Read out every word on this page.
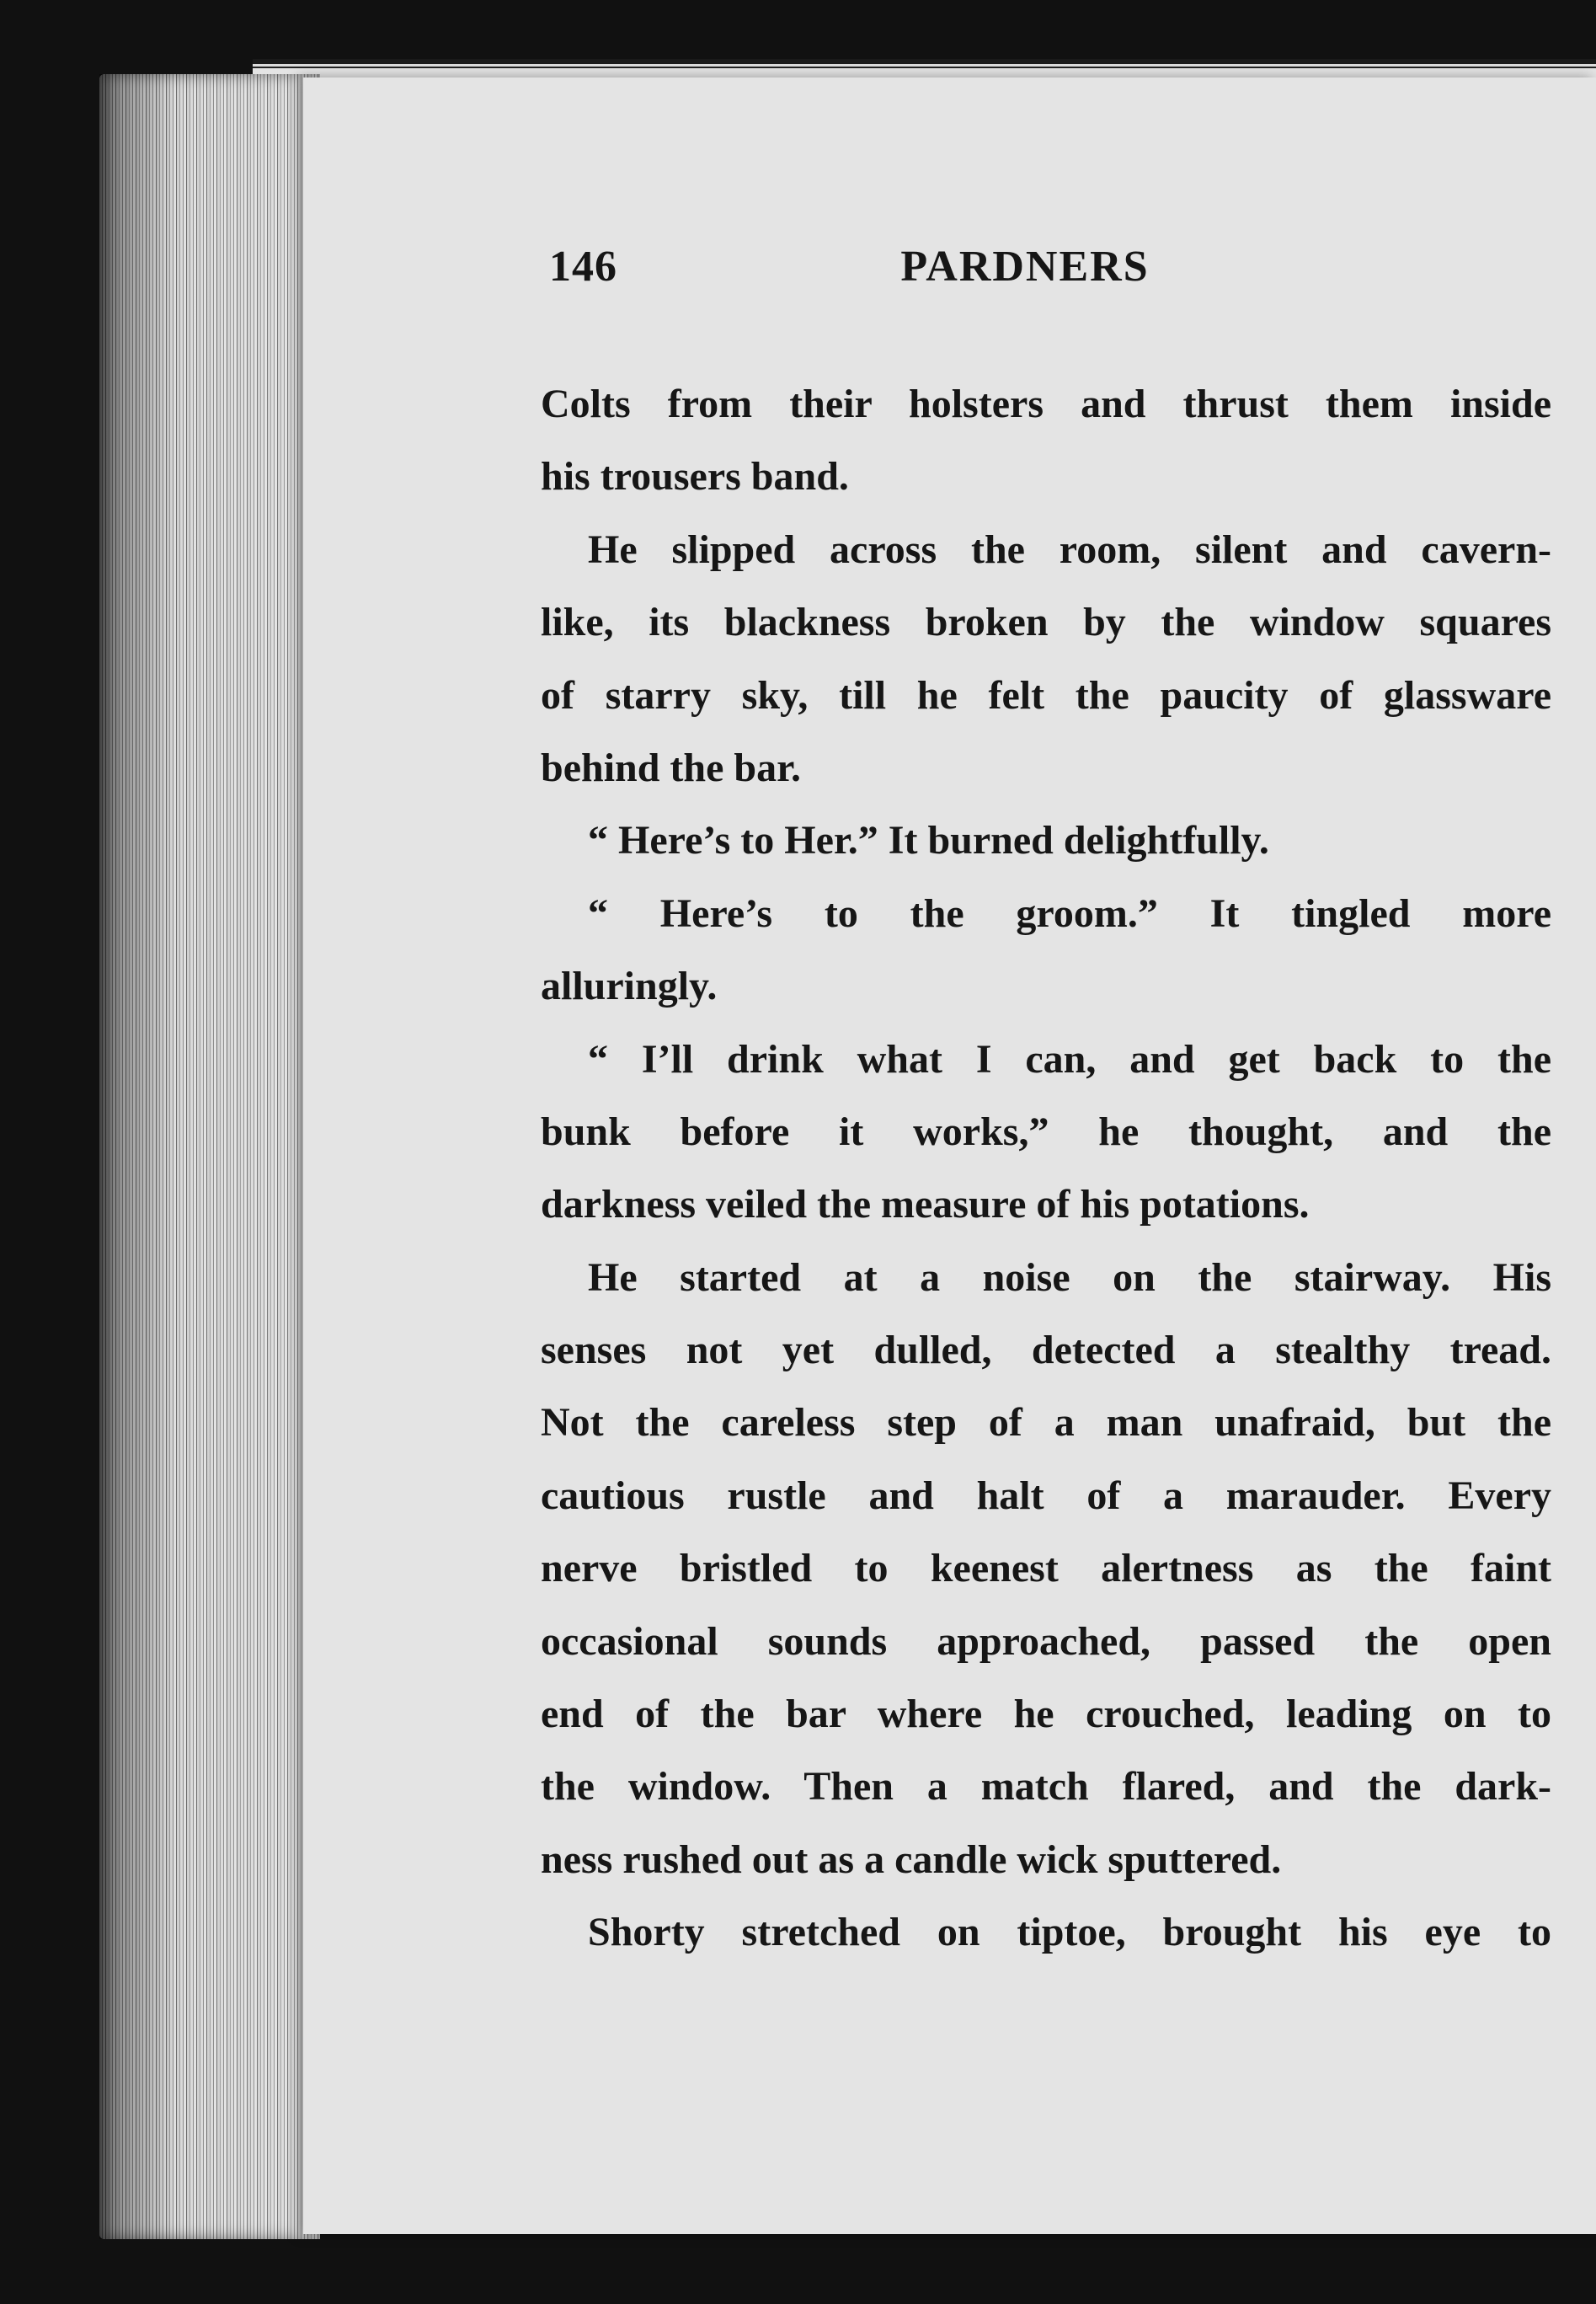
146	PARDNERS
Colts from their holsters and thrust them inside
his trousers band.
He slipped across the room, silent and cavern-
like, its blackness broken by the window squares
of starry sky, till he felt the paucity of glassware
behind the bar.
“ Here’s to Her.” It burned delightfully.
“ Here’s to the groom.” It tingled more
alluringly.
“ I’ll drink what I can, and get back to the
bunk before it works,” he thought, and the
darkness veiled the measure of his potations.
He started at a noise on the stairway. His
senses not yet dulled, detected a stealthy tread.
Not the careless step of a man unafraid, but the
cautious rustle and halt of a marauder. Every
nerve bristled to keenest alertness as the faint
occasional sounds approached, passed the open
end of the bar where he crouched, leading on to
the window. Then a match flared, and the dark-
ness rushed out as a candle wick sputtered.
Shorty stretched on tiptoe, brought his eye to
